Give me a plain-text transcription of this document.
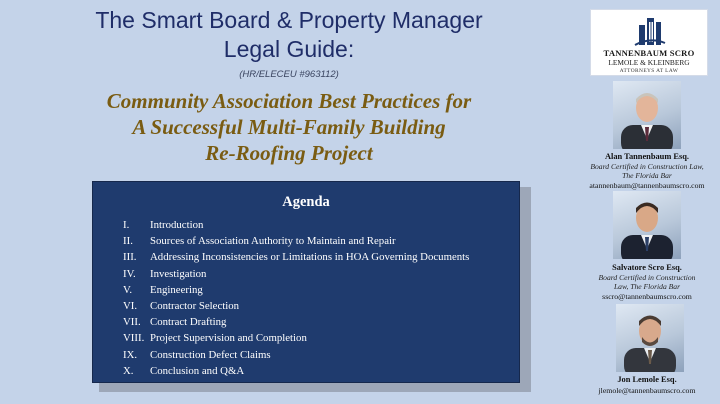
The Smart Board & Property Manager
Legal Guide:
(HR/ELECEU #963112)
Community Association Best Practices for
A Successful Multi-Family Building
Re-Roofing Project
Agenda
I. Introduction
II. Sources of Association Authority to Maintain and Repair
III. Addressing Inconsistencies or Limitations in HOA Governing Documents
IV. Investigation
V. Engineering
VI. Contractor Selection
VII. Contract Drafting
VIII. Project Supervision and Completion
IX. Construction Defect Claims
X. Conclusion and Q&A
TANNENBAUM SCRO
LEMOLE & KLEINBERG
ATTORNEYS AT LAW
Alan Tannenbaum Esq.
Board Certified in Construction Law,
The Florida Bar
atannenbaum@tannenbaumscro.com
Salvatore Scro Esq.
Board Certified in Construction
Law, The Florida Bar
sscro@tannenbaumscro.com
Jon Lemole Esq.
jlemole@tannenbaumscro.com
